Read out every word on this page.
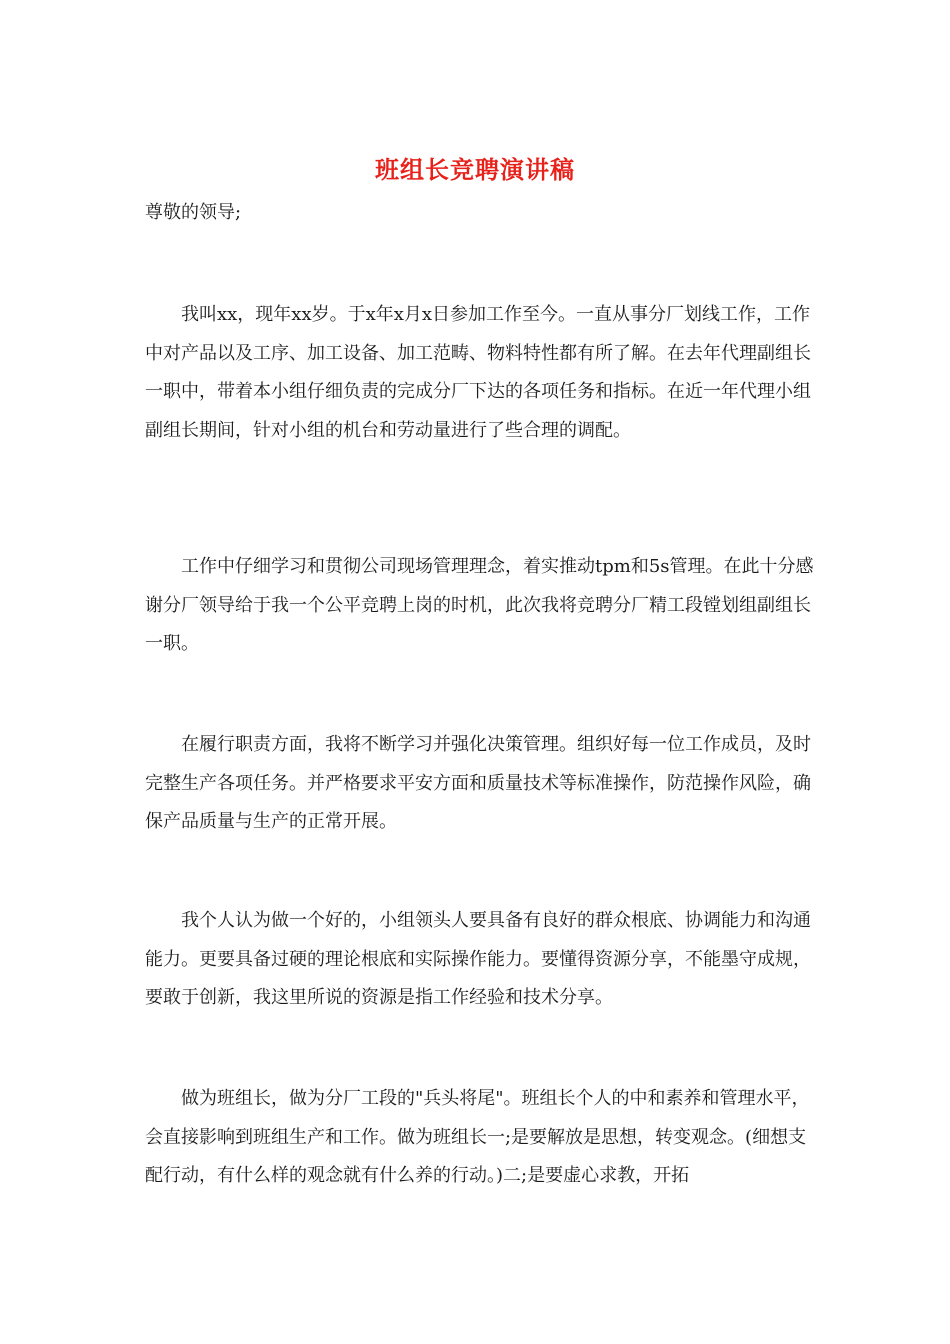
班组长竞聘演讲稿

尊敬的领导;

我叫xx，现年xx岁。于x年x月x日参加工作至今。一直从事分厂划线工作，工作中对产品以及工序、加工设备、加工范畴、物料特性都有所了解。在去年代理副组长一职中，带着本小组仔细负责的完成分厂下达的各项任务和指标。在近一年代理小组副组长期间，针对小组的机台和劳动量进行了些合理的调配。

工作中仔细学习和贯彻公司现场管理理念，着实推动tpm和5s管理。在此十分感谢分厂领导给于我一个公平竞聘上岗的时机，此次我将竞聘分厂精工段镗划组副组长一职。

在履行职责方面，我将不断学习并强化决策管理。组织好每一位工作成员，及时完整生产各项任务。并严格要求平安方面和质量技术等标准操作，防范操作风险，确保产品质量与生产的正常开展。

我个人认为做一个好的，小组领头人要具备有良好的群众根底、协调能力和沟通能力。更要具备过硬的理论根底和实际操作能力。要懂得资源分享，不能墨守成规，要敢于创新，我这里所说的资源是指工作经验和技术分享。

做为班组长，做为分厂工段的"兵头将尾"。班组长个人的中和素养和管理水平，会直接影响到班组生产和工作。做为班组长一;是要解放是思想，转变观念。(细想支配行动，有什么样的观念就有什么养的行动。)二;是要虚心求教，开拓
